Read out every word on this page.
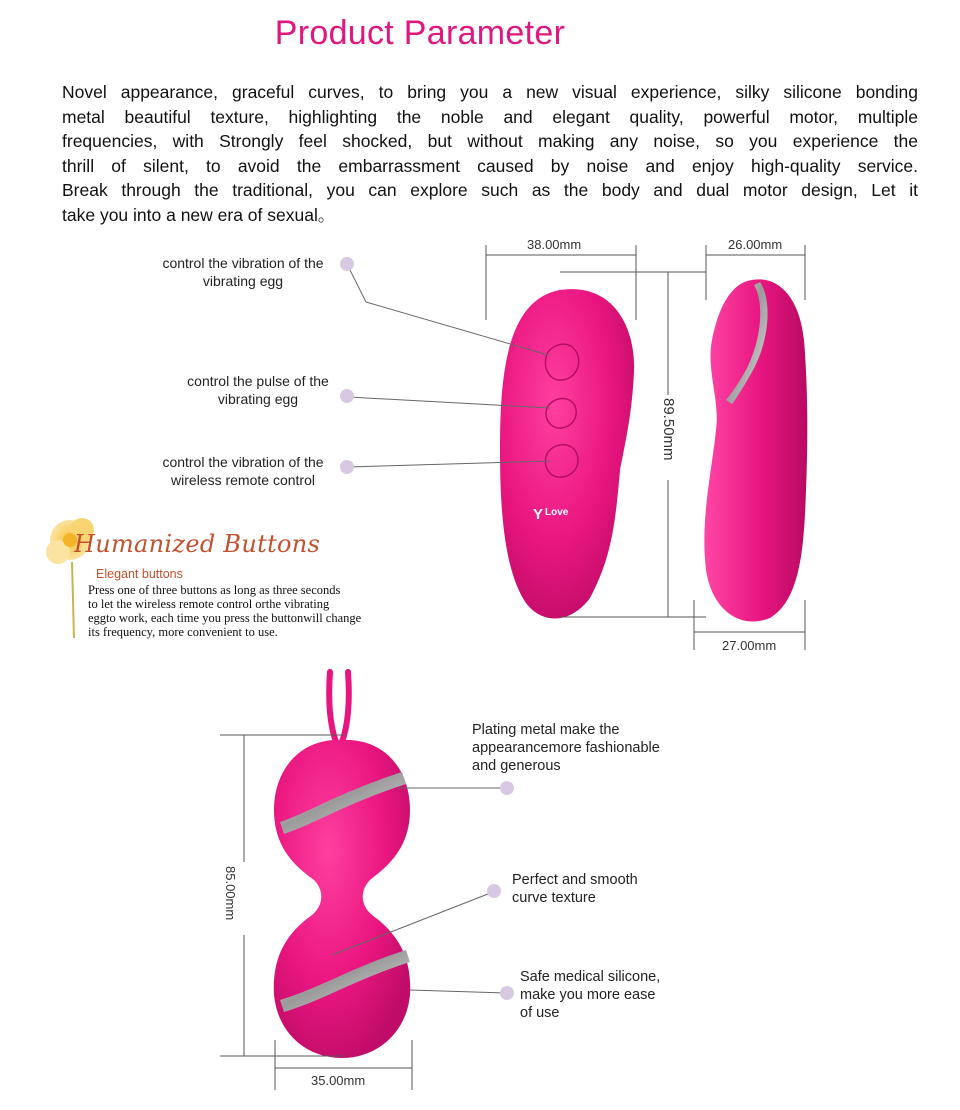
Product Parameter

Novel appearance, graceful curves, to bring you a new visual experience, silky silicone bonding

metal beautiful texture, highlighting the noble and elegant quality, powerful motor, multiple

frequencies, with Strongly feel shocked, but without making any noise, so you experience the

thrill of silent, to avoid the embarrassment caused by noise and enjoy high-quality service.

Break through the traditional, you can explore such as the body and dual motor design, Let it

take you into a new era of sexual。

Y Love
control the vibration of the
vibrating egg
control the pulse of the
vibrating egg
control the vibration of the
wireless remote control
38.00mm	26.00mm
89.50mm
27.00mm
Humanized Buttons
Elegant buttons
Press one of three buttons as long as three seconds
to let the wireless remote control orthe vibrating
eggto work, each time you press the buttonwill change
its frequency, more convenient to use.
Plating metal make the
appearancemore fashionable
and generous
Perfect and smooth
curve texture
Safe medical silicone,
make you more ease
of use
85.00mm
35.00mm
